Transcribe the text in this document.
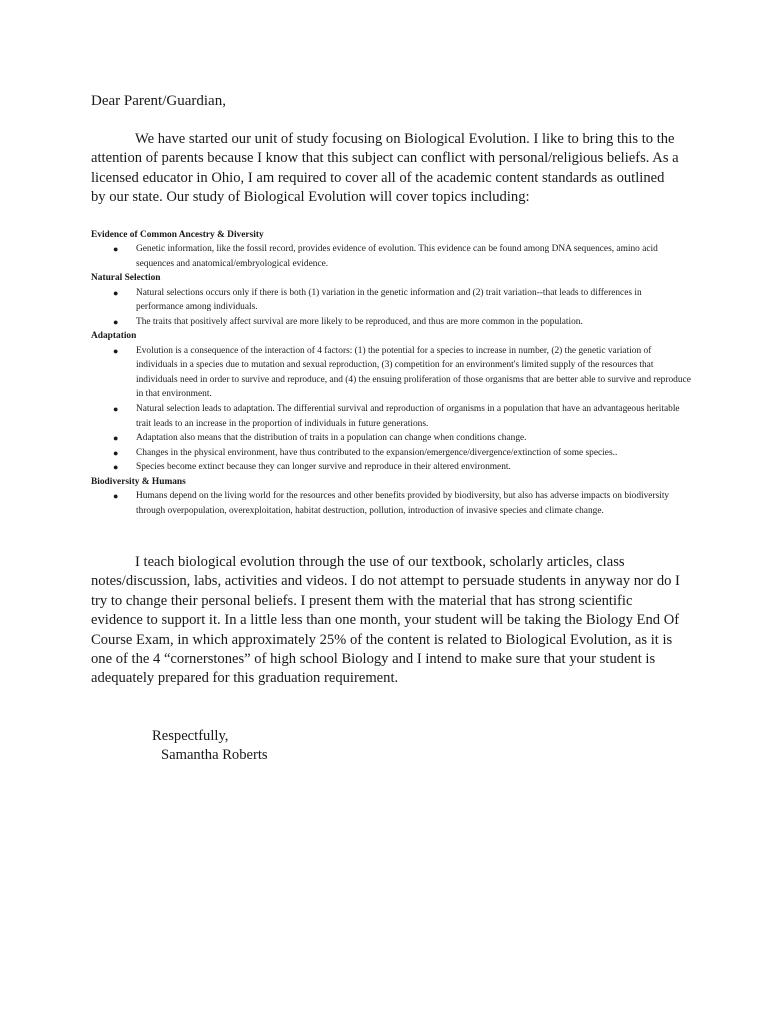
Dear Parent/Guardian,

We have started our unit of study focusing on Biological Evolution. I like to bring this to the attention of parents because I know that this subject can conflict with personal/religious beliefs. As a licensed educator in Ohio, I am required to cover all of the academic content standards as outlined by our state. Our study of Biological Evolution will cover topics including:

Evidence of Common Ancestry & Diversity

● Genetic information, like the fossil record, provides evidence of evolution. This evidence can be found among DNA sequences, amino acid sequences and anatomical/embryological evidence.

Natural Selection

● Natural selections occurs only if there is both (1) variation in the genetic information and (2) trait variation--that leads to differences in performance among individuals.
● The traits that positively affect survival are more likely to be reproduced, and thus are more common in the population.

Adaptation

● Evolution is a consequence of the interaction of 4 factors: (1) the potential for a species to increase in number, (2) the genetic variation of individuals in a species due to mutation and sexual reproduction, (3) competition for an environment's limited supply of the resources that individuals need in order to survive and reproduce, and (4) the ensuing proliferation of those organisms that are better able to survive and reproduce in that environment.
● Natural selection leads to adaptation. The differential survival and reproduction of organisms in a population that have an advantageous heritable trait leads to an increase in the proportion of individuals in future generations.
● Adaptation also means that the distribution of traits in a population can change when conditions change.
● Changes in the physical environment, have thus contributed to the expansion/emergence/divergence/extinction of some species..
● Species become extinct because they can longer survive and reproduce in their altered environment.

Biodiversity & Humans

● Humans depend on the living world for the resources and other benefits provided by biodiversity, but also has adverse impacts on biodiversity through overpopulation, overexploitation, habitat destruction, pollution, introduction of invasive species and climate change.

I teach biological evolution through the use of our textbook, scholarly articles, class notes/discussion, labs, activities and videos. I do not attempt to persuade students in anyway nor do I try to change their personal beliefs. I present them with the material that has strong scientific evidence to support it. In a little less than one month, your student will be taking the Biology End Of Course Exam, in which approximately 25% of the content is related to Biological Evolution, as it is one of the 4 “cornerstones” of high school Biology and I intend to make sure that your student is adequately prepared for this graduation requirement.

Respectfully,

Samantha Roberts
